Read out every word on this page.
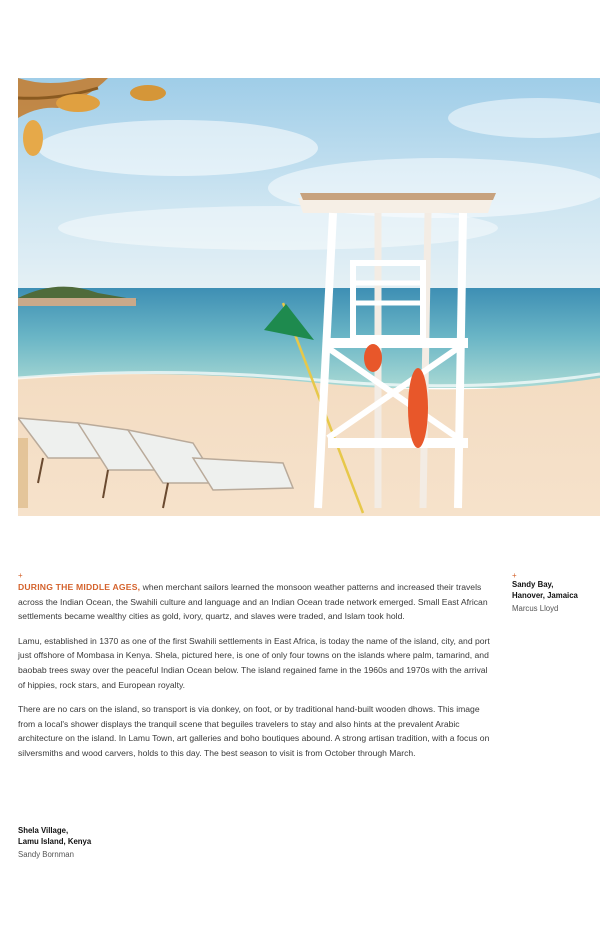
+

DURING THE MIDDLE AGES, when merchant sailors learned the monsoon weather patterns and increased their travels across the Indian Ocean, the Swahili culture and language and an Indian Ocean trade network emerged. Small East African settlements became wealthy cities as gold, ivory, quartz, and slaves were traded, and Islam took hold.

Lamu, established in 1370 as one of the first Swahili settlements in East Africa, is today the name of the island, city, and port just offshore of Mombasa in Kenya. Shela, pictured here, is one of only four towns on the islands where palm, tamarind, and baobab trees sway over the peaceful Indian Ocean below. The island regained fame in the 1960s and 1970s with the arrival of hippies, rock stars, and European royalty.

There are no cars on the island, so transport is via donkey, on foot, or by traditional hand-built wooden dhows. This image from a local's shower displays the tranquil scene that beguiles travelers to stay and also hints at the prevalent Arabic architecture on the island. In Lamu Town, art galleries and boho boutiques abound. A strong artisan tradition, with a focus on silversmiths and wood carvers, holds to this day. The best season to visit is from October through March.

+
Sandy Bay,
Hanover, Jamaica
Marcus Lloyd
Shela Village,
Lamu Island, Kenya
Sandy Bornman
